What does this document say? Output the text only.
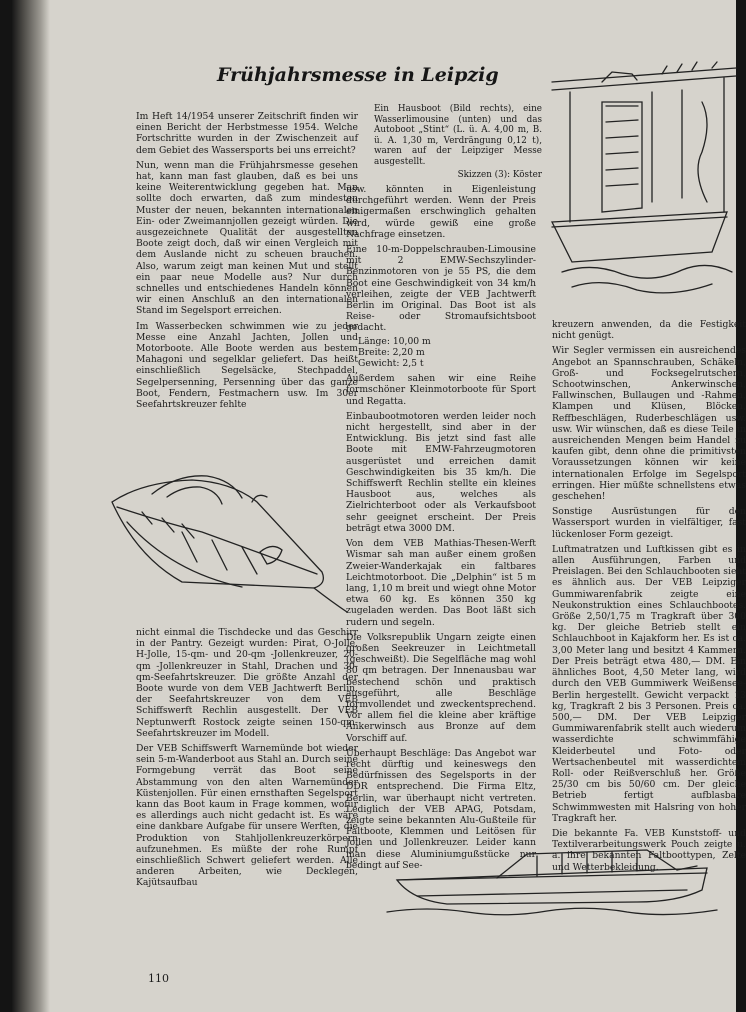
Frühjahrsmesse in Leipzig

Ein Hausboot (Bild rechts), eine Wasserlimousine (unten) und das Autoboot „Stint“ (L. ü. A. 4,00 m, B. ü. A. 1,30 m, Verdrängung 0,12 t), waren auf der Leipziger Messe ausgestellt.

Skizzen (3): Köster

Im Heft 14/1954 unserer Zeitschrift finden wir einen Bericht der Herbstmesse 1954. Welche Fortschritte wurden in der Zwischenzeit auf dem Gebiet des Wassersports bei uns erreicht?

Nun, wenn man die Frühjahrsmesse gesehen hat, kann man fast glauben, daß es bei uns keine Weiterentwicklung gegeben hat. Man sollte doch erwarten, daß zum mindesten Muster der neuen, bekannten internationalen Ein- oder Zweimannjollen gezeigt würden. Die ausgezeichnete Qualität der ausgestellten Boote zeigt doch, daß wir einen Vergleich mit dem Auslande nicht zu scheuen brauchen. Also, warum zeigt man keinen Mut und stellt ein paar neue Modelle aus? Nur durch schnelles und entschiedenes Handeln können wir einen Anschluß an den internationalen Stand im Segelsport erreichen.

Im Wasserbecken schwimmen wie zu jeder Messe eine Anzahl Jachten, Jollen und Motorboote. Alle Boote werden aus bestem Mahagoni und segelklar geliefert. Das heißt einschließlich Segelsäcke, Stechpaddel, Segelpersenning, Persenning über das ganze Boot, Fendern, Festmachern usw. Im 30er Seefahrtskreuzer fehlte

nicht einmal die Tischdecke und das Geschirr in der Pantry. Gezeigt wurden: Pirat, O-Jolle, H-Jolle, 15-qm- und 20-qm -Jollenkreuzer, 20-qm -Jollenkreuzer in Stahl, Drachen und 30-qm-Seefahrtskreuzer. Die größte Anzahl der Boote wurde von dem VEB Jachtwerft Berlin, der Seefahrtskreuzer von dem VEB Schiffswerft Rechlin ausgestellt. Der VEB Neptunwerft Rostock zeigte seinen 150-qm-Seefahrtskreuzer im Modell.

Der VEB Schiffswerft Warnemünde bot wieder sein 5-m-Wanderboot aus Stahl an. Durch seine Formgebung verrät das Boot seine Abstammung von den alten Warnemünder Küstenjollen. Für einen ernsthaften Segelsport kann das Boot kaum in Frage kommen, wofür es allerdings auch nicht gedacht ist. Es wäre eine dankbare Aufgabe für unsere Werften, die Produktion von Stahljollenkreuzerkörpern aufzunehmen. Es müßte der rohe Rumpf einschließlich Schwert geliefert werden. Alle anderen Arbeiten, wie Decklegen, Kajütsaufbau

usw. könnten in Eigenleistung durchgeführt werden. Wenn der Preis einigermaßen erschwinglich gehalten wird, würde gewiß eine große Nachfrage einsetzen.

Eine 10-m-Doppelschrauben-Limousine mit 2 EMW-Sechszylinder-Benzinmotoren von je 55 PS, die dem Boot eine Geschwindigkeit von 34 km/h verleihen, zeigte der VEB Jachtwerft Berlin im Original. Das Boot ist als Reise- oder Stromaufsichtsboot gedacht.

Länge: 10,00 m

Breite: 2,20 m

Gewicht: 2,5 t

Außerdem sahen wir eine Reihe formschöner Kleinmotorboote für Sport und Regatta.

Einbaubootmotoren werden leider noch nicht hergestellt, sind aber in der Entwicklung. Bis jetzt sind fast alle Boote mit EMW-Fahrzeugmotoren ausgerüstet und erreichen damit Geschwindigkeiten bis 35 km/h. Die Schiffswerft Rechlin stellte ein kleines Hausboot aus, welches als Zielrichterboot oder als Verkaufsboot sehr geeignet erscheint. Der Preis beträgt etwa 3000 DM.

Von dem VEB Mathias-Thesen-Werft Wismar sah man außer einem großen Zweier-Wanderkajak ein faltbares Leichtmotorboot. Die „Delphin“ ist 5 m lang, 1,10 m breit und wiegt ohne Motor etwa 60 kg. Es können 350 kg zugeladen werden. Das Boot läßt sich rudern und segeln.

Die Volksrepublik Ungarn zeigte einen großen Seekreuzer in Leichtmetall (geschweißt). Die Segelfläche mag wohl 80 qm betragen. Der Innenausbau war bestechend schön und praktisch ausgeführt, alle Beschläge formvollendet und zweckentsprechend. Vor allem fiel die kleine aber kräftige Ankerwinsch aus Bronze auf dem Vorschiff auf.

Überhaupt Beschläge: Das Angebot war recht dürftig und keineswegs den Bedürfnissen des Segelsports in der DDR entsprechend. Die Firma Eltz, Berlin, war überhaupt nicht vertreten. Lediglich der VEB APAG, Potsdam, zeigte seine bekannten Alu-Gußteile für Faltboote, Klemmen und Leitösen für Jollen und Jollenkreuzer. Leider kann man diese Aluminiumgußstücke nur bedingt auf See-

kreuzern anwenden, da die Festigkeit nicht genügt.

Wir Segler vermissen ein ausreichendes Angebot an Spannschrauben, Schäkeln, Groß- und Focksegelrutschern, Schootwinschen, Ankerwinschen, Fallwinschen, Bullaugen und -Rahmen, Klampen und Klüsen, Blöcken, Reffbeschlägen, Ruderbeschlägen usw. usw. Wir wünschen, daß es diese Teile in ausreichenden Mengen beim Handel zu kaufen gibt, denn ohne die primitivsten Voraussetzungen können wir keine internationalen Erfolge im Segelsport erringen. Hier müßte schnellstens etwas geschehen!

Sonstige Ausrüstungen für den Wassersport wurden in vielfältiger, fast lückenloser Form gezeigt.

Luftmatratzen und Luftkissen gibt es in allen Ausführungen, Farben und Preislagen. Bei den Schlauchbooten sieht es ähnlich aus. Der VEB Leipziger Gummiwarenfabrik zeigte eine Neukonstruktion eines Schlauchbootes. Größe 2,50/1,75 m Tragkraft über 300 kg. Der gleiche Betrieb stellt ein Schlauchboot in Kajakform her. Es ist ca. 3,00 Meter lang und besitzt 4 Kammern. Der Preis beträgt etwa 480,— DM. Ein ähnliches Boot, 4,50 Meter lang, wird durch den VEB Gummiwerk Weißensee-Berlin hergestellt. Gewicht verpackt 13 kg, Tragkraft 2 bis 3 Personen. Preis ca. 500,— DM. Der VEB Leipziger Gummiwarenfabrik stellt auch wiederum wasserdichte schwimmfähige Kleiderbeutel und Foto- oder Wertsachenbeutel mit wasserdichtem Roll- oder Reißverschluß her. Größe 25/30 cm bis 50/60 cm. Der gleiche Betrieb fertigt aufblasbare Schwimmwesten mit Halsring von hoher Tragkraft her.

Die bekannte Fa. VEB Kunststoff- und Textilverarbeitungswerk Pouch zeigte u. a. ihre bekannten Faltboottypen, Zelte und Wetterbekleidung.

110
